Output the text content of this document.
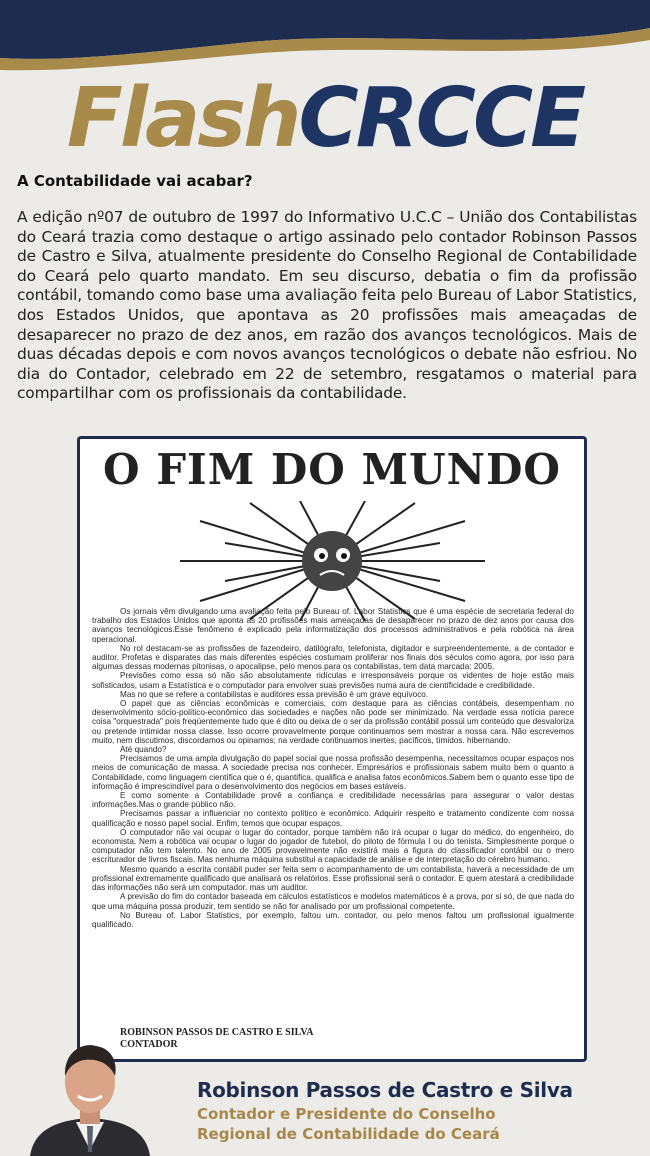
FlashCRCCE
A Contabilidade vai acabar?
A edição nº07 de outubro de 1997 do Informativo U.C.C – União dos Contabilistas do Ceará trazia como destaque o artigo assinado pelo contador Robinson Passos de Castro e Silva, atualmente presidente do Conselho Regional de Contabilidade do Ceará pelo quarto mandato. Em seu discurso, debatia o fim da profissão contábil, tomando como base uma avaliação feita pelo Bureau of Labor Statistics, dos Estados Unidos, que apontava as 20 profissões mais ameaçadas de desaparecer no prazo de dez anos, em razão dos avanços tecnológicos. Mais de duas décadas depois e com novos avanços tecnológicos o debate não esfriou. No dia do Contador, celebrado em 22 de setembro, resgatamos o material para compartilhar com os profissionais da contabilidade.
O FIM DO MUNDO

Os jornais vêm divulgando uma avaliação feita pelo Bureau of. Labor Statistics que é uma espécie de secretaria federal do trabalho dos Estados Unidos que aponta as 20 profissões mais ameaçadas de desaparecer no prazo de dez anos por causa dos avanços tecnológicos.Esse fenômeno é explicado pela informatização dos processos administrativos e pela robótica na área operacional.

No rol destacam-se as profissões de fazendeiro, datilógrafo, telefonista, digitador e surpreendentemente, a de contador e auditor. Profetas e disparates das mais diferentes espécies costumam proliferar nos finais dos séculos como agora, por isso para algumas dessas modernas pitonisas, o apocalipse, pelo menos para os contabilistas, tem data marcada: 2005.

Previsões como essa só não são absolutamente ridículas e irresponsáveis porque os videntes de hoje estão mais sofisticados, usam a Estatística e o computador para envolver suas previsões numa aura de científicidade e credibilidade.

Mas no que se refere a contabilistas e auditores essa previsão é um grave equívoco.

O papel que as ciências econômicas e comerciais, com destaque para as ciências contábeis, desempenham no desenvolvimento sócio-político-econômico das sociedades e nações não pode ser minimizado. Na verdade essa notícia parece coisa "orquestrada" pois freqüentemente tudo que é dito ou deixa de o ser da profissão contábil possui um conteúdo que desvaloriza ou pretende intimidar nossa classe. Isso ocorre provavelmente porque continuamos sem mostrar a nossa cara. Não escrevemos muito, nem discutimos, discordamos ou opinamos; na verdade continuamos inertes, pacíficos, tímidos. hibernando.

Até quando?

Precisamos de uma ampla divulgação do papel social que nossa profissão desempenha, necessitamos ocupar espaços nos meios de comunicação de massa. A sociedade precisa nos conhecer. Empresários e profissionais sabem muito bem o quanto a Contabilidade, como linguagem científica que o é, quantifica, qualifica e analisa fatos econômicos.Sabem bem o quanto esse tipo de informação é imprescindível para o desenvolvimento dos negócios em bases estáveis.

E como somente a Contabilidade provê a confiança e credibilidade necessárias para assegurar o valor destas informações.Mas o grande público não.

Precisamos passar a influenciar no contexto político e econômico. Adquirir respeito e tratamento condizente com nossa qualificação e nosso papel social. Enfim, temos que ocupar espaços.

O computador não vai ocupar o lugar do contador, porque também não irá ocupar o lugar do médico, do engenheiro, do economista. Nem a robótica vai ocupar o lugar do jogador de futebol, do piloto de fórmula I ou do tenista. Simplesmente porque o computador não tem talento. No ano de 2005 provavelmente não existirá mais a figura do classificador contábil ou o mero escriturador de livros fiscais. Mas nenhuma máquina substitui a capacidade de análise e de interpretação do cérebro humano.

Mesmo quando a escrita contábil puder ser feita sem o acompanhamento de um contabilista, haverá a necessidade de um profissional extremamente qualificado que analisará os relatórios. Esse profissional será o contador. E quem atestará a credibilidade das informações não será um computador. mas um auditor.

A previsão do fim do contador baseada em cálculos estatísticos e modelos matemáticos é a prova, por si só, de que nada do que uma máquina possa produzir, tem sentido se não for analisado por um profissional competente.

No Bureau of. Labor Statistics, por exemplo, faltou um. contador, ou pelo menos faltou um profissional igualmente qualificado.

ROBINSON PASSOS DE CASTRO E SILVA
CONTADOR
Robinson Passos de Castro e Silva
Contador e Presidente do Conselho
Regional de Contabilidade do Ceará
